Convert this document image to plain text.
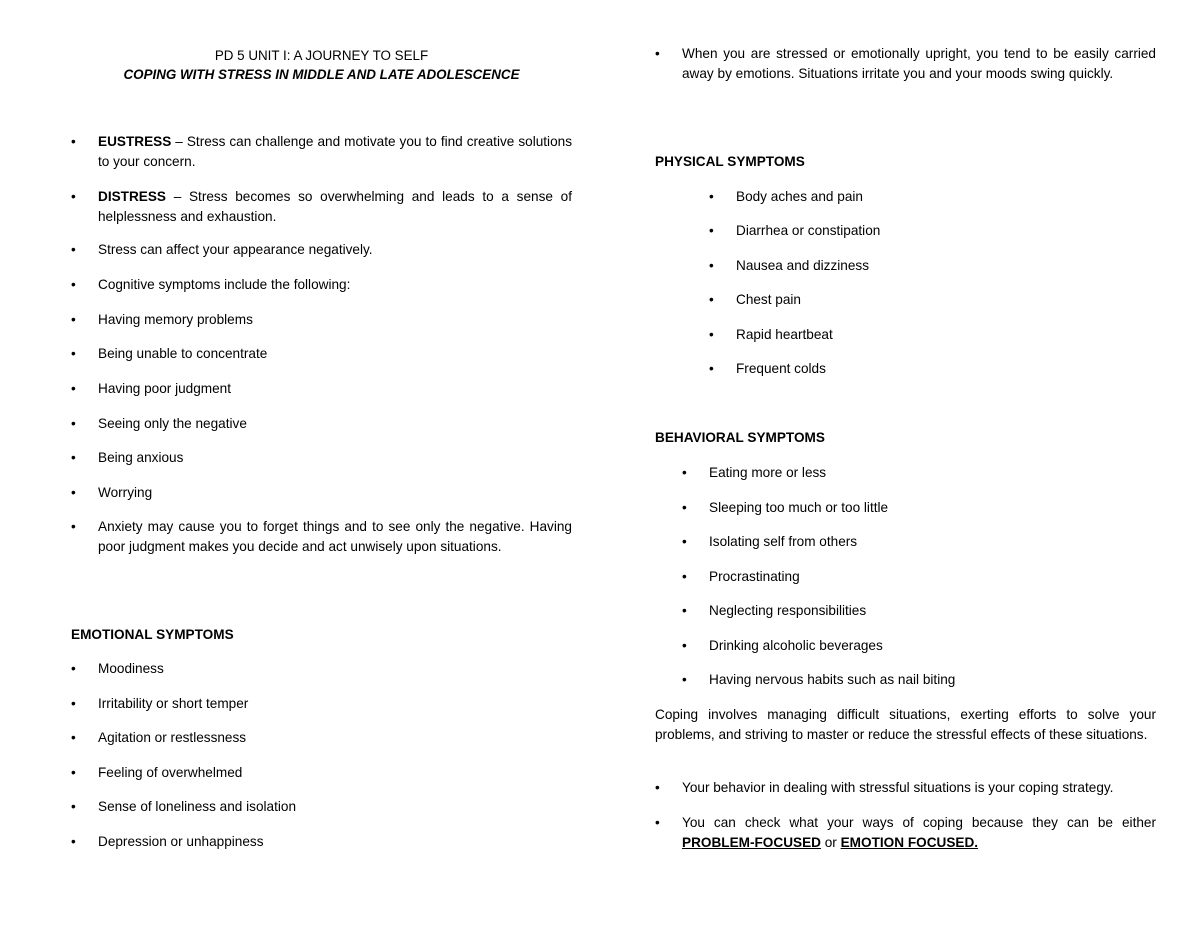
PD 5 UNIT I: A JOURNEY TO SELF
COPING WITH STRESS IN MIDDLE AND LATE ADOLESCENCE
• EUSTRESS – Stress can challenge and motivate you to find creative solutions to your concern.
• DISTRESS – Stress becomes so overwhelming and leads to a sense of helplessness and exhaustion.
• Stress can affect your appearance negatively.
• Cognitive symptoms include the following:
• Having memory problems
• Being unable to concentrate
• Having poor judgment
• Seeing only the negative
• Being anxious
• Worrying
• Anxiety may cause you to forget things and to see only the negative. Having poor judgment makes you decide and act unwisely upon situations.
EMOTIONAL SYMPTOMS
• Moodiness
• Irritability or short temper
• Agitation or restlessness
• Feeling of overwhelmed
• Sense of loneliness and isolation
• Depression or unhappiness
• When you are stressed or emotionally upright, you tend to be easily carried away by emotions. Situations irritate you and your moods swing quickly.
PHYSICAL SYMPTOMS
• Body aches and pain
• Diarrhea or constipation
• Nausea and dizziness
• Chest pain
• Rapid heartbeat
• Frequent colds
BEHAVIORAL SYMPTOMS
• Eating more or less
• Sleeping too much or too little
• Isolating self from others
• Procrastinating
• Neglecting responsibilities
• Drinking alcoholic beverages
• Having nervous habits such as nail biting
Coping involves managing difficult situations, exerting efforts to solve your problems, and striving to master or reduce the stressful effects of these situations.
• Your behavior in dealing with stressful situations is your coping strategy.
• You can check what your ways of coping because they can be either PROBLEM-FOCUSED or EMOTION FOCUSED.
